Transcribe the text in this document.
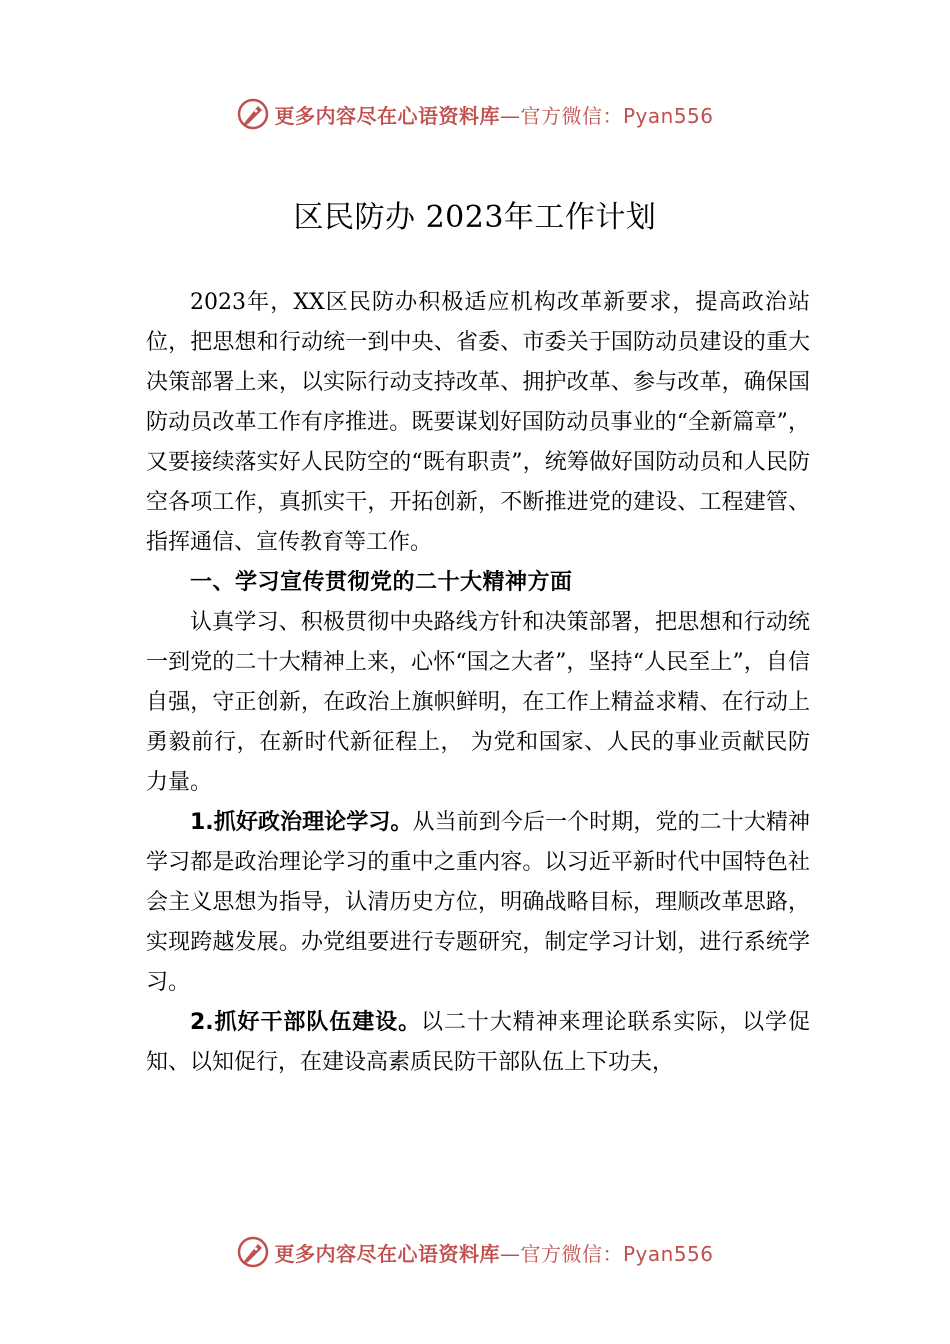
更多内容尽在心语资料库—官方微信：Pyan556
区民防办 2023年工作计划

2023年，XX区民防办积极适应机构改革新要求，提高政治站位，把思想和行动统一到中央、省委、市委关于国防动员建设的重大决策部署上来，以实际行动支持改革、拥护改革、参与改革，确保国防动员改革工作有序推进。既要谋划好国防动员事业的“全新篇章”，又要接续落实好人民防空的“既有职责”，统筹做好国防动员和人民防空各项工作，真抓实干，开拓创新，不断推进党的建设、工程建管、指挥通信、宣传教育等工作。

一、学习宣传贯彻党的二十大精神方面

认真学习、积极贯彻中央路线方针和决策部署，把思想和行动统一到党的二十大精神上来，心怀“国之大者”，坚持“人民至上”，自信自强，守正创新，在政治上旗帜鲜明，在工作上精益求精、在行动上勇毅前行，在新时代新征程上， 为党和国家、人民的事业贡献民防力量。

1.抓好政治理论学习。从当前到今后一个时期，党的二十大精神学习都是政治理论学习的重中之重内容。以习近平新时代中国特色社会主义思想为指导，认清历史方位，明确战略目标，理顺改革思路，实现跨越发展。办党组要进行专题研究，制定学习计划，进行系统学习。

2.抓好干部队伍建设。以二十大精神来理论联系实际，以学促知、以知促行，在建设高素质民防干部队伍上下功夫，

更多内容尽在心语资料库—官方微信：Pyan556
